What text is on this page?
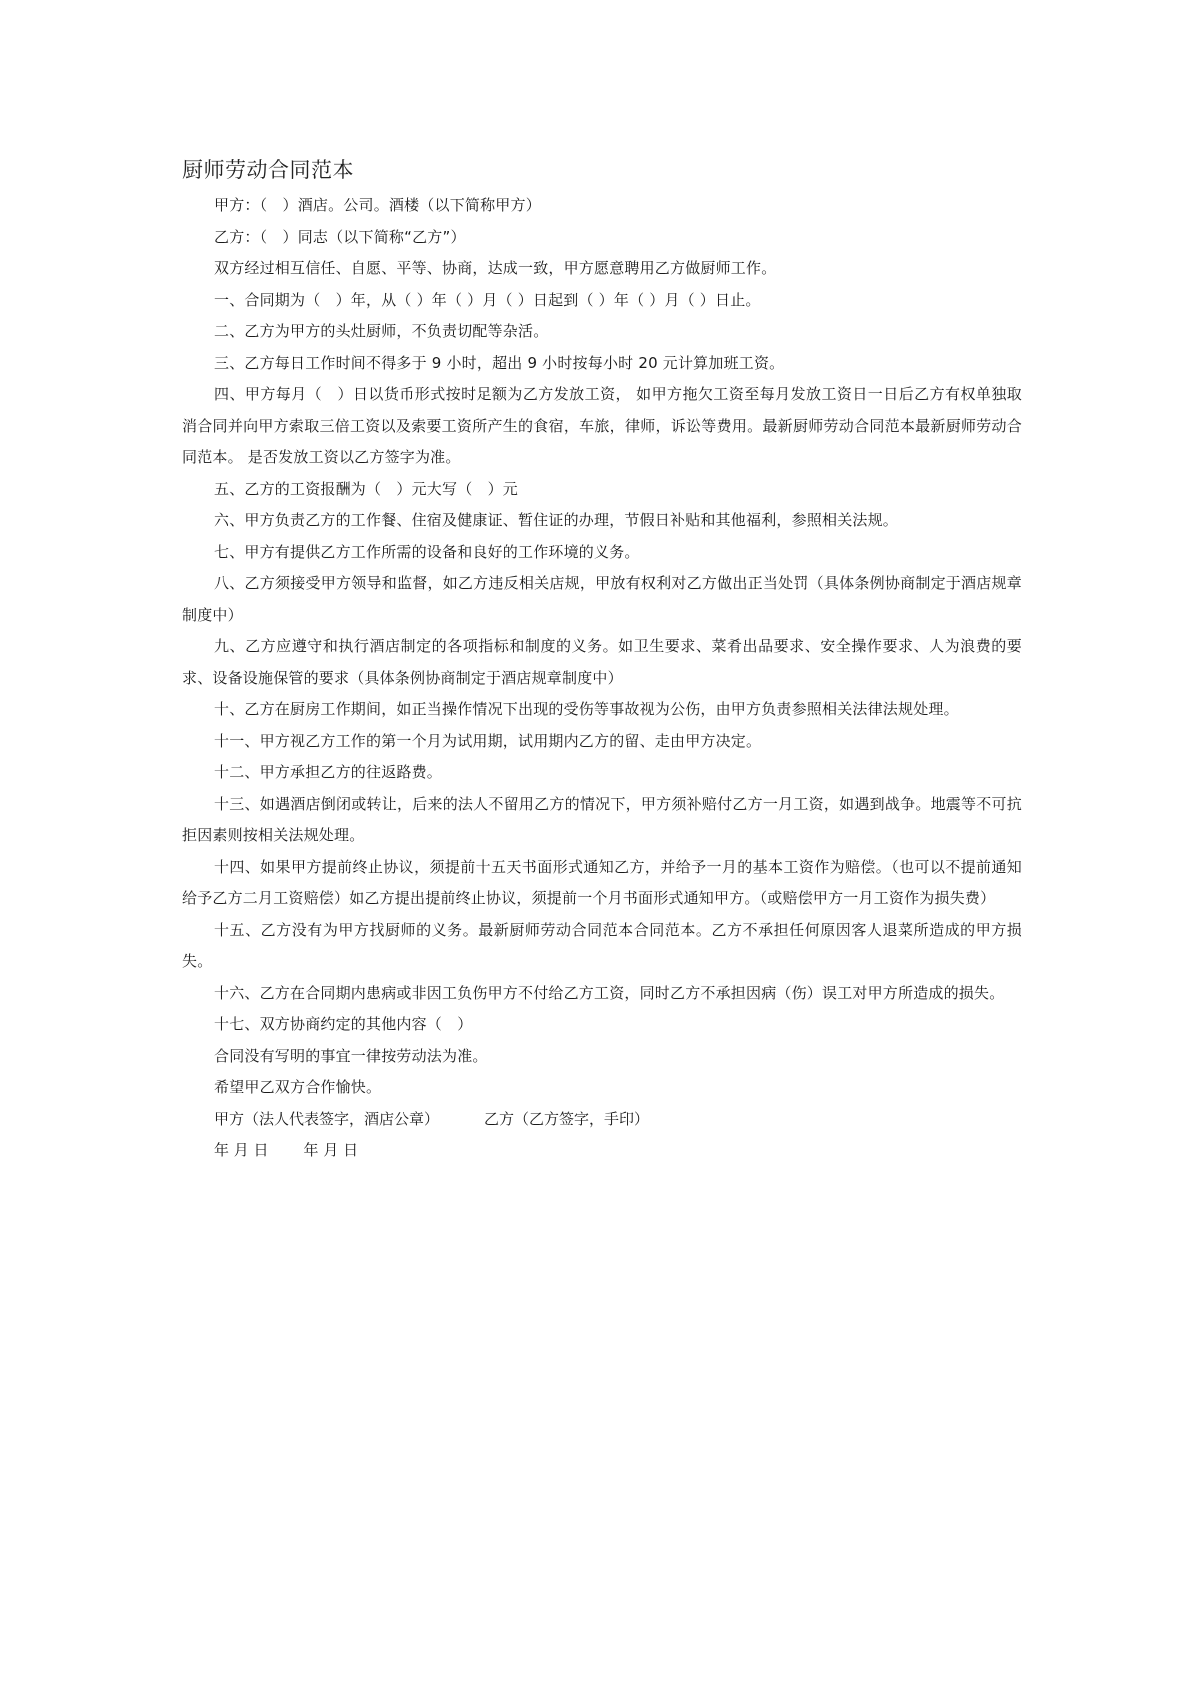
厨师劳动合同范本

甲方：（　）酒店。公司。酒楼（以下简称甲方）

乙方：（　）同志（以下简称“乙方”）

双方经过相互信任、自愿、平等、协商，达成一致，甲方愿意聘用乙方做厨师工作。

一、合同期为（　）年，从（ ）年（ ）月（ ）日起到（ ）年（ ）月（ ）日止。

二、乙方为甲方的头灶厨师，不负责切配等杂活。

三、乙方每日工作时间不得多于 9 小时，超出 9 小时按每小时 20 元计算加班工资。

四、甲方每月（　）日以货币形式按时足额为乙方发放工资， 如甲方拖欠工资至每月发放工资日一日后乙方有权单独取消合同并向甲方索取三倍工资以及索要工资所产生的食宿，车旅，律师，诉讼等费用。最新厨师劳动合同范本最新厨师劳动合同范本。 是否发放工资以乙方签字为准。

五、乙方的工资报酬为（　）元大写（　）元

六、甲方负责乙方的工作餐、住宿及健康证、暂住证的办理，节假日补贴和其他福利，参照相关法规。

七、甲方有提供乙方工作所需的设备和良好的工作环境的义务。

八、乙方须接受甲方领导和监督，如乙方违反相关店规，甲放有权利对乙方做出正当处罚（具体条例协商制定于酒店规章制度中）

九、乙方应遵守和执行酒店制定的各项指标和制度的义务。如卫生要求、菜肴出品要求、安全操作要求、人为浪费的要求、设备设施保管的要求（具体条例协商制定于酒店规章制度中）

十、乙方在厨房工作期间，如正当操作情况下出现的受伤等事故视为公伤，由甲方负责参照相关法律法规处理。

十一、甲方视乙方工作的第一个月为试用期，试用期内乙方的留、走由甲方决定。

十二、甲方承担乙方的往返路费。

十三、如遇酒店倒闭或转让，后来的法人不留用乙方的情况下，甲方须补赔付乙方一月工资，如遇到战争。地震等不可抗拒因素则按相关法规处理。

十四、如果甲方提前终止协议，须提前十五天书面形式通知乙方，并给予一月的基本工资作为赔偿。（也可以不提前通知给予乙方二月工资赔偿）如乙方提出提前终止协议，须提前一个月书面形式通知甲方。（或赔偿甲方一月工资作为损失费）

十五、乙方没有为甲方找厨师的义务。最新厨师劳动合同范本合同范本。乙方不承担任何原因客人退菜所造成的甲方损失。

十六、乙方在合同期内患病或非因工负伤甲方不付给乙方工资，同时乙方不承担因病（伤）误工对甲方所造成的损失。

十七、双方协商约定的其他内容（　）

合同没有写明的事宜一律按劳动法为准。

希望甲乙双方合作愉快。

甲方（法人代表签字，酒店公章）	乙方（乙方签字，手印）
年 月 日 年 月 日
